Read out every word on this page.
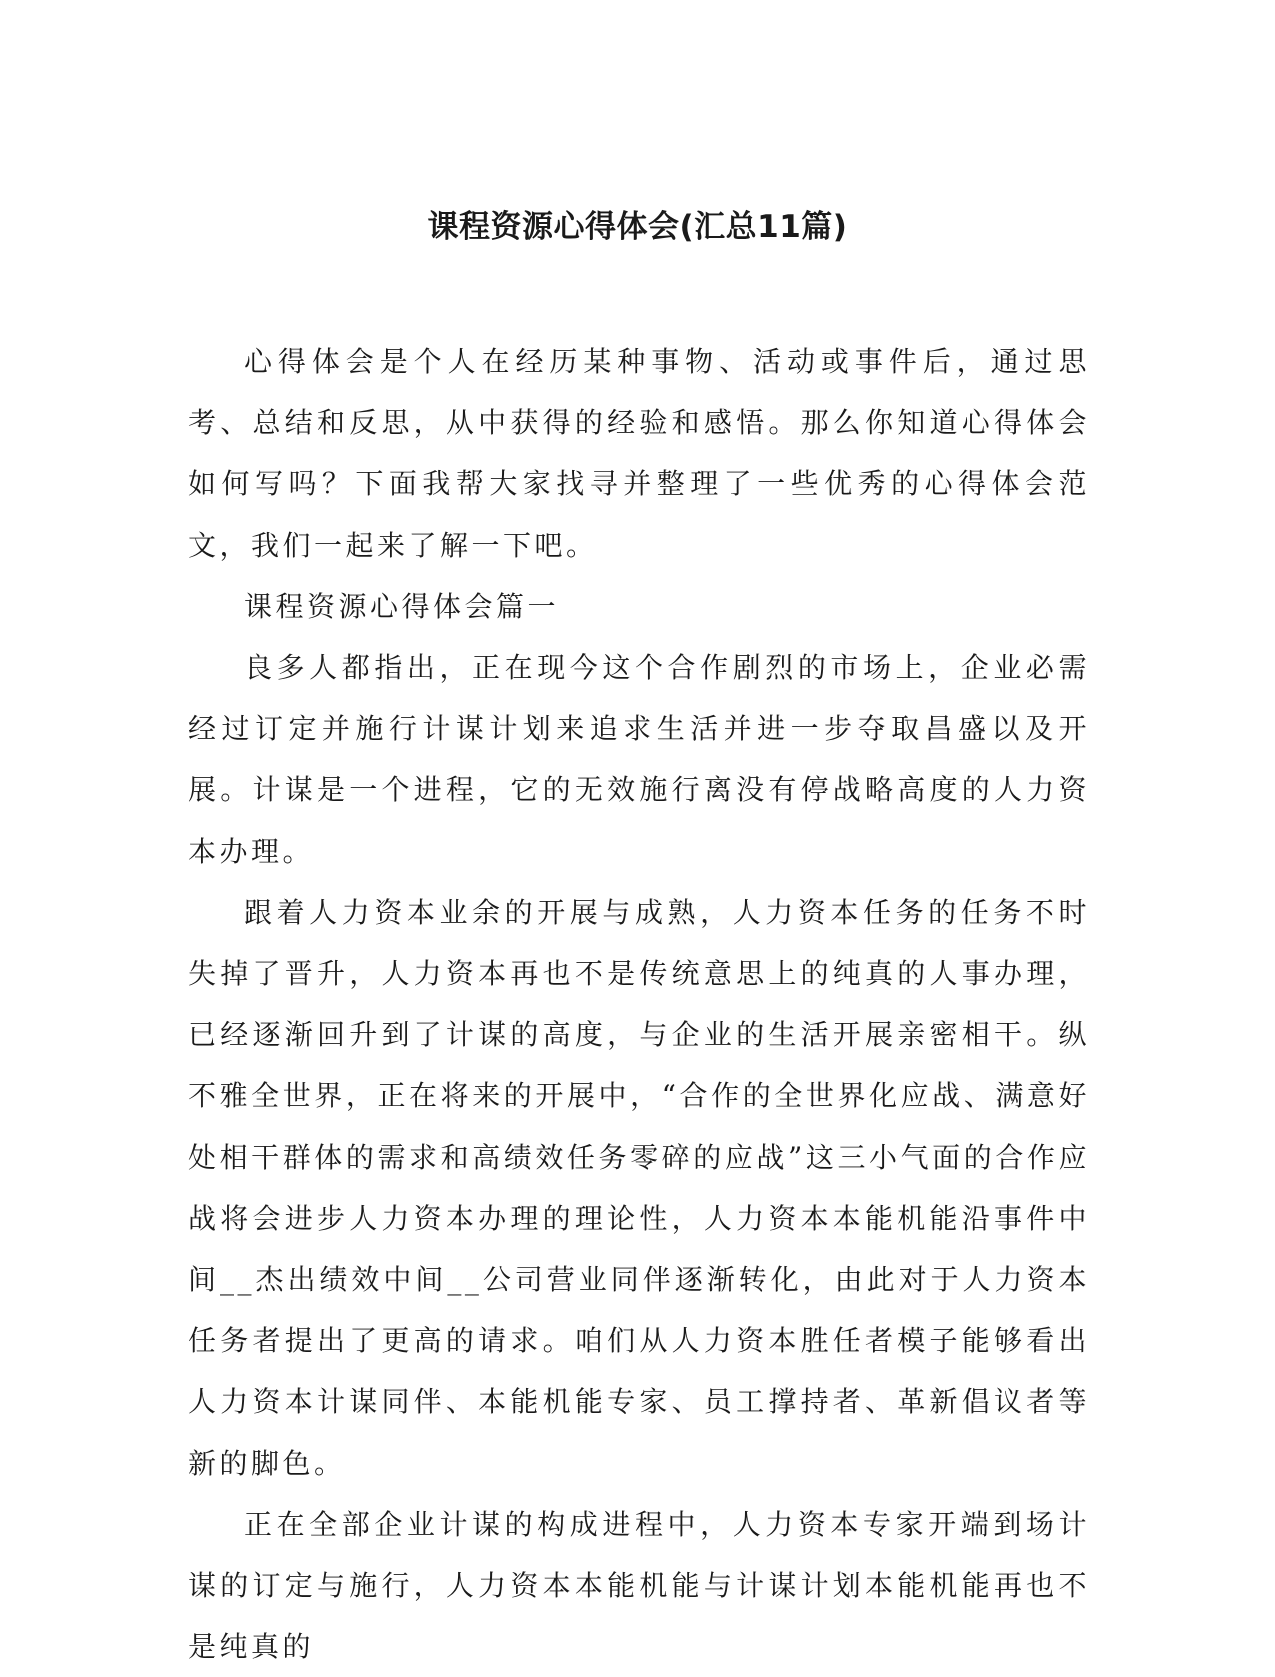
课程资源心得体会(汇总11篇)

心得体会是个人在经历某种事物、活动或事件后，通过思考、总结和反思，从中获得的经验和感悟。那么你知道心得体会如何写吗？下面我帮大家找寻并整理了一些优秀的心得体会范文，我们一起来了解一下吧。

课程资源心得体会篇一

良多人都指出，正在现今这个合作剧烈的市场上，企业必需经过订定并施行计谋计划来追求生活并进一步夺取昌盛以及开展。计谋是一个进程，它的无效施行离没有停战略高度的人力资本办理。

跟着人力资本业余的开展与成熟，人力资本任务的任务不时失掉了晋升，人力资本再也不是传统意思上的纯真的人事办理，已经逐渐回升到了计谋的高度，与企业的生活开展亲密相干。纵不雅全世界，正在将来的开展中，“合作的全世界化应战、满意好处相干群体的需求和高绩效任务零碎的应战”这三小气面的合作应战将会进步人力资本办理的理论性，人力资本本能机能沿事件中间__杰出绩效中间__公司营业同伴逐渐转化，由此对于人力资本任务者提出了更高的请求。咱们从人力资本胜任者模子能够看出人力资本计谋同伴、本能机能专家、员工撑持者、革新倡议者等新的脚色。

正在全部企业计谋的构成进程中，人力资本专家开端到场计谋的订定与施行，人力资本本能机能与计谋计划本能机能再也不是纯真的
